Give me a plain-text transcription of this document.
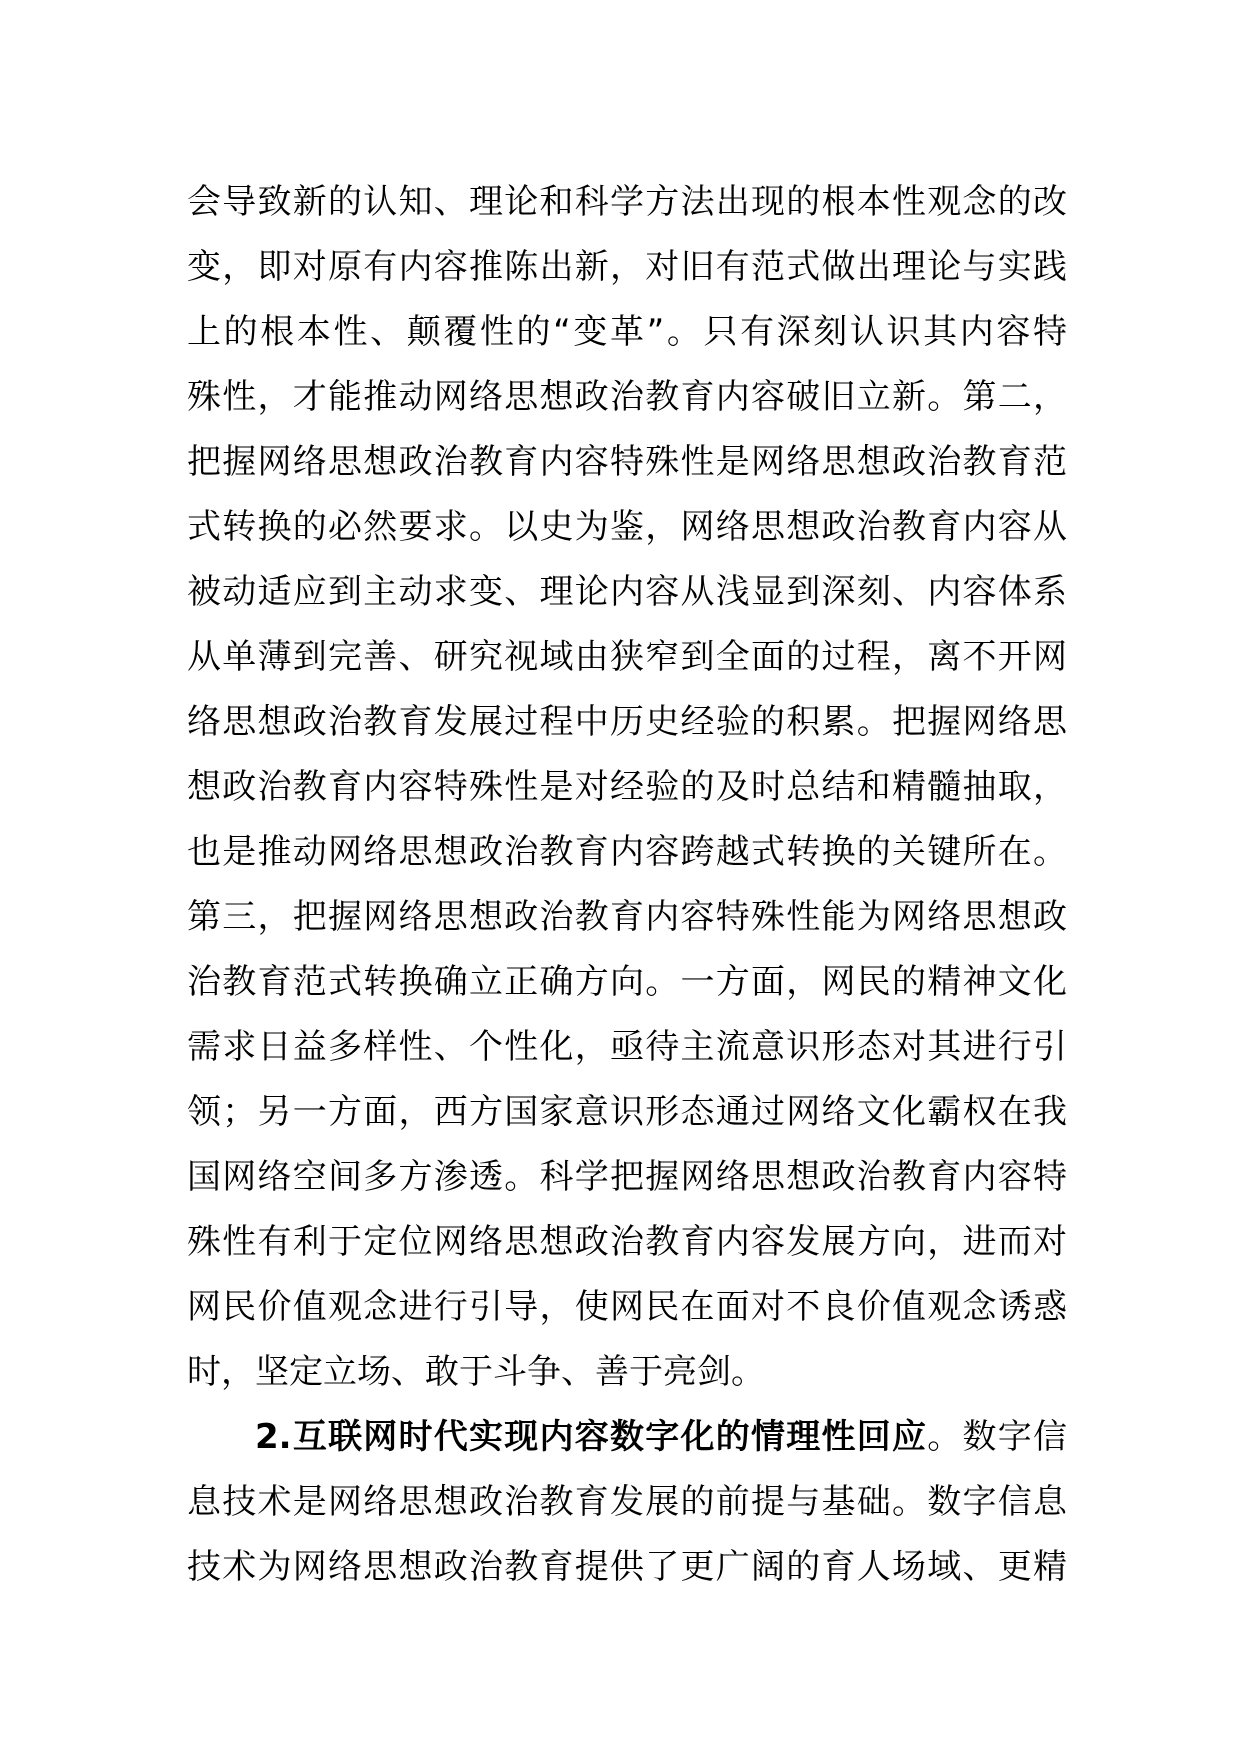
会导致新的认知、理论和科学方法出现的根本性观念的改
变，即对原有内容推陈出新，对旧有范式做出理论与实践
上的根本性、颠覆性的“变革”。只有深刻认识其内容特
殊性，才能推动网络思想政治教育内容破旧立新。第二，
把握网络思想政治教育内容特殊性是网络思想政治教育范
式转换的必然要求。以史为鉴，网络思想政治教育内容从
被动适应到主动求变、理论内容从浅显到深刻、内容体系
从单薄到完善、研究视域由狭窄到全面的过程，离不开网
络思想政治教育发展过程中历史经验的积累。把握网络思
想政治教育内容特殊性是对经验的及时总结和精髓抽取，
也是推动网络思想政治教育内容跨越式转换的关键所在。
第三，把握网络思想政治教育内容特殊性能为网络思想政
治教育范式转换确立正确方向。一方面，网民的精神文化
需求日益多样性、个性化，亟待主流意识形态对其进行引
领；另一方面，西方国家意识形态通过网络文化霸权在我
国网络空间多方渗透。科学把握网络思想政治教育内容特
殊性有利于定位网络思想政治教育内容发展方向，进而对
网民价值观念进行引导，使网民在面对不良价值观念诱惑
时，坚定立场、敢于斗争、善于亮剑。
2.互联网时代实现内容数字化的情理性回应。数字信
息技术是网络思想政治教育发展的前提与基础。数字信息
技术为网络思想政治教育提供了更广阔的育人场域、更精
